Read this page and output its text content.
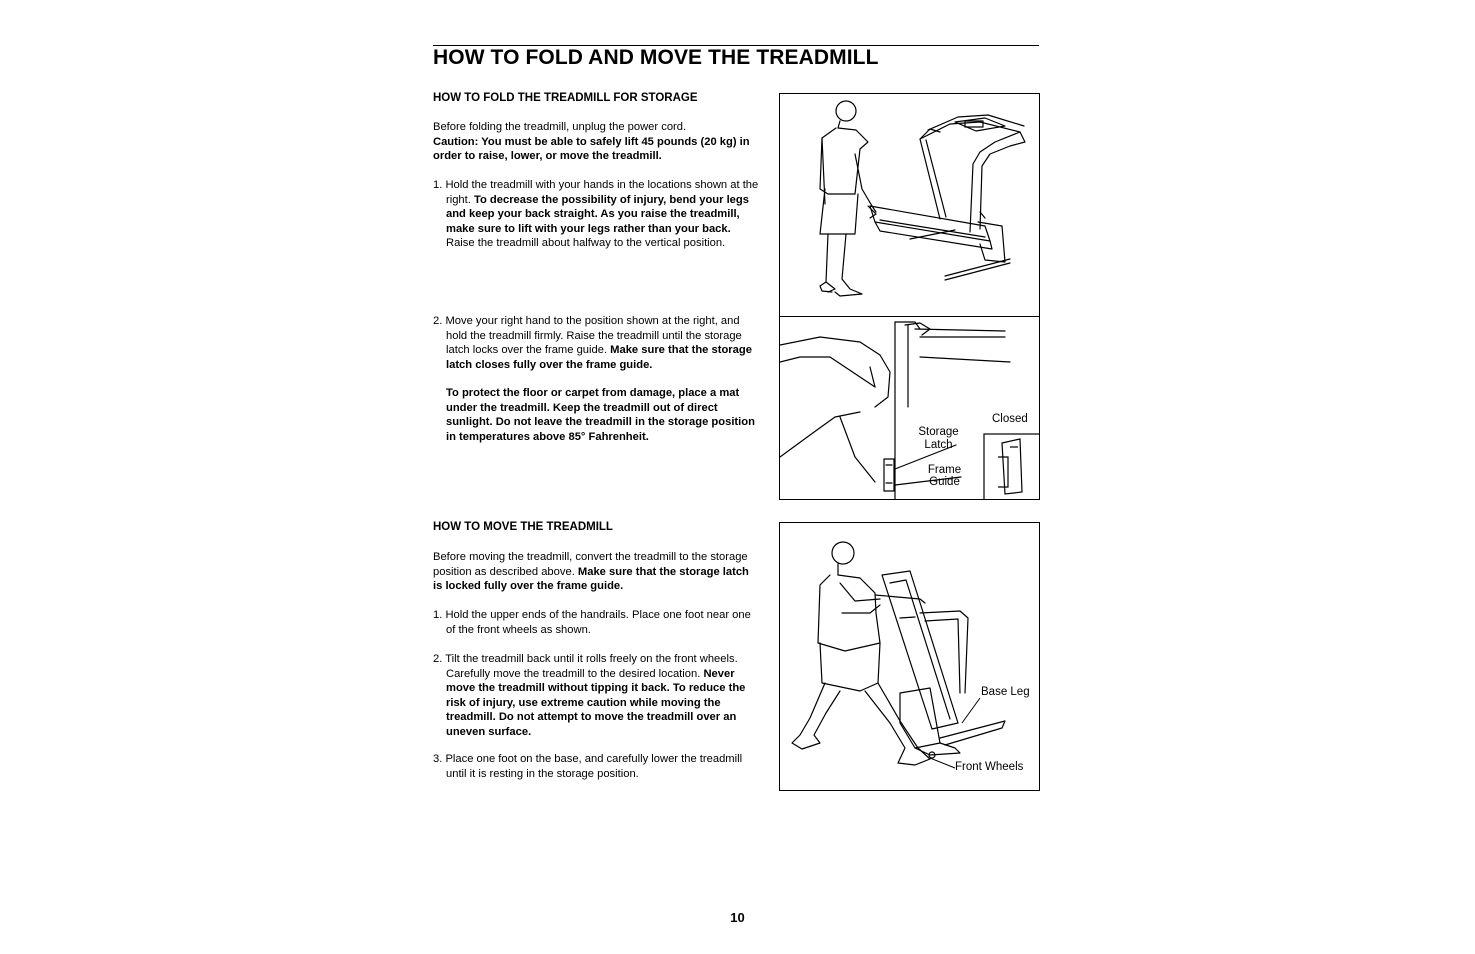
HOW TO FOLD AND MOVE THE TREADMILL
HOW TO FOLD THE TREADMILL FOR STORAGE

Before folding the treadmill, unplug the power cord.
Caution: You must be able to safely lift 45 pounds (20 kg) in order to raise, lower, or move the treadmill.

1. Hold the treadmill with your hands in the locations shown at the right. To decrease the possibility of injury, bend your legs and keep your back straight. As you raise the treadmill, make sure to lift with your legs rather than your back. Raise the treadmill about halfway to the vertical position.

2. Move your right hand to the position shown at the right, and hold the treadmill firmly. Raise the treadmill until the storage latch locks over the frame guide. Make sure that the storage latch closes fully over the frame guide.

To protect the floor or carpet from damage, place a mat under the treadmill. Keep the treadmill out of direct sunlight. Do not leave the treadmill in the storage position in temperatures above 85° Fahrenheit.

HOW TO MOVE THE TREADMILL

Before moving the treadmill, convert the treadmill to the storage position as described above. Make sure that the storage latch is locked fully over the frame guide.

1. Hold the upper ends of the handrails. Place one foot near one of the front wheels as shown.

2. Tilt the treadmill back until it rolls freely on the front wheels. Carefully move the treadmill to the desired location. Never move the treadmill without tipping it back. To reduce the risk of injury, use extreme caution while moving the treadmill. Do not attempt to move the treadmill over an uneven surface.

3. Place one foot on the base, and carefully lower the treadmill until it is resting in the storage position.

Closed
Storage
Latch
Frame
Guide
Base Leg
Front Wheels
10
